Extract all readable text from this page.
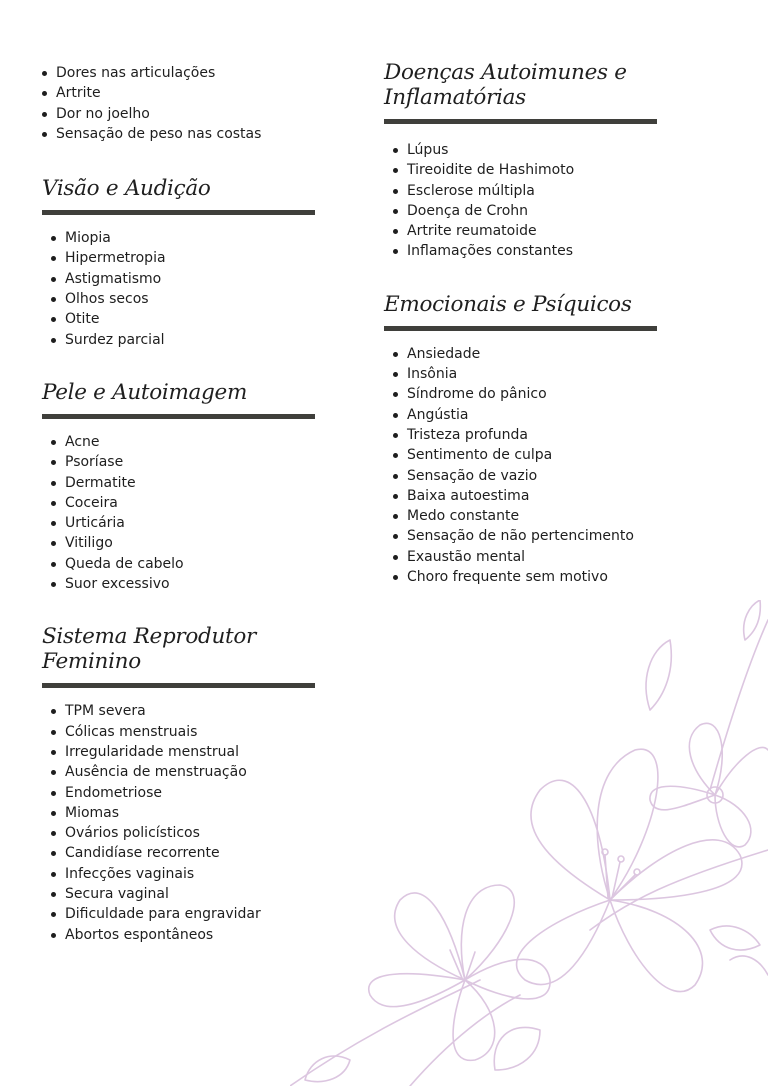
Dores nas articulações
Artrite
Dor no joelho
Sensação de peso nas costas
Visão e Audição
Miopia
Hipermetropia
Astigmatismo
Olhos secos
Otite
Surdez parcial
Pele e Autoimagem
Acne
Psoríase
Dermatite
Coceira
Urticária
Vitiligo
Queda de cabelo
Suor excessivo
Sistema Reprodutor Feminino
TPM severa
Cólicas menstruais
Irregularidade menstrual
Ausência de menstruação
Endometriose
Miomas
Ovários policísticos
Candidíase recorrente
Infecções vaginais
Secura vaginal
Dificuldade para engravidar
Abortos espontâneos
Doenças Autoimunes e
Inflamatórias
Lúpus
Tireoidite de Hashimoto
Esclerose múltipla
Doença de Crohn
Artrite reumatoide
Inflamações constantes
Emocionais e Psíquicos
Ansiedade
Insônia
Síndrome do pânico
Angústia
Tristeza profunda
Sentimento de culpa
Sensação de vazio
Baixa autoestima
Medo constante
Sensação de não pertencimento
Exaustão mental
Choro frequente sem motivo
